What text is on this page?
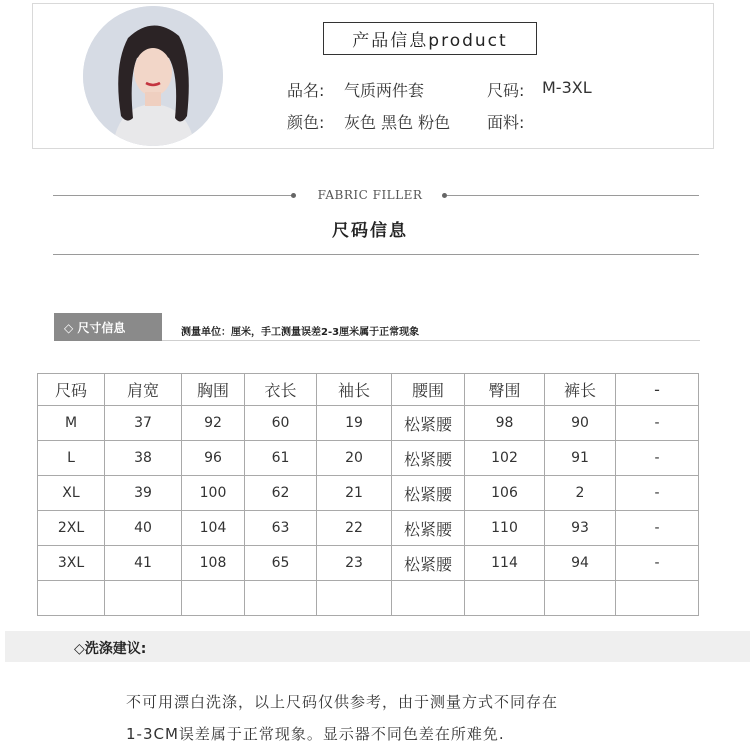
产品信息product
品名: 气质两件套	尺码: M-3XL
颜色: 灰色 黑色 粉色 面料:
FABRIC FILLER
尺码信息
◇ 尺寸信息	测量单位：厘米，手工测量误差2-3厘米属于正常现象
尺码	肩宽	胸围	衣长	袖长	腰围	臀围	裤长	-
M	37	92	60	19	松紧腰	98	90	-
L	38	96	61	20	松紧腰	102	91	-
XL	39	100	62	21	松紧腰	106	2	-
2XL	40	104	63	22	松紧腰	110	93	-
3XL	41	108	65	23	松紧腰	114	94	-

◇洗涤建议:
不可用漂白洗涤，以上尺码仅供参考，由于测量方式不同存在
1-3CM误差属于正常现象。显示器不同色差在所难免.
